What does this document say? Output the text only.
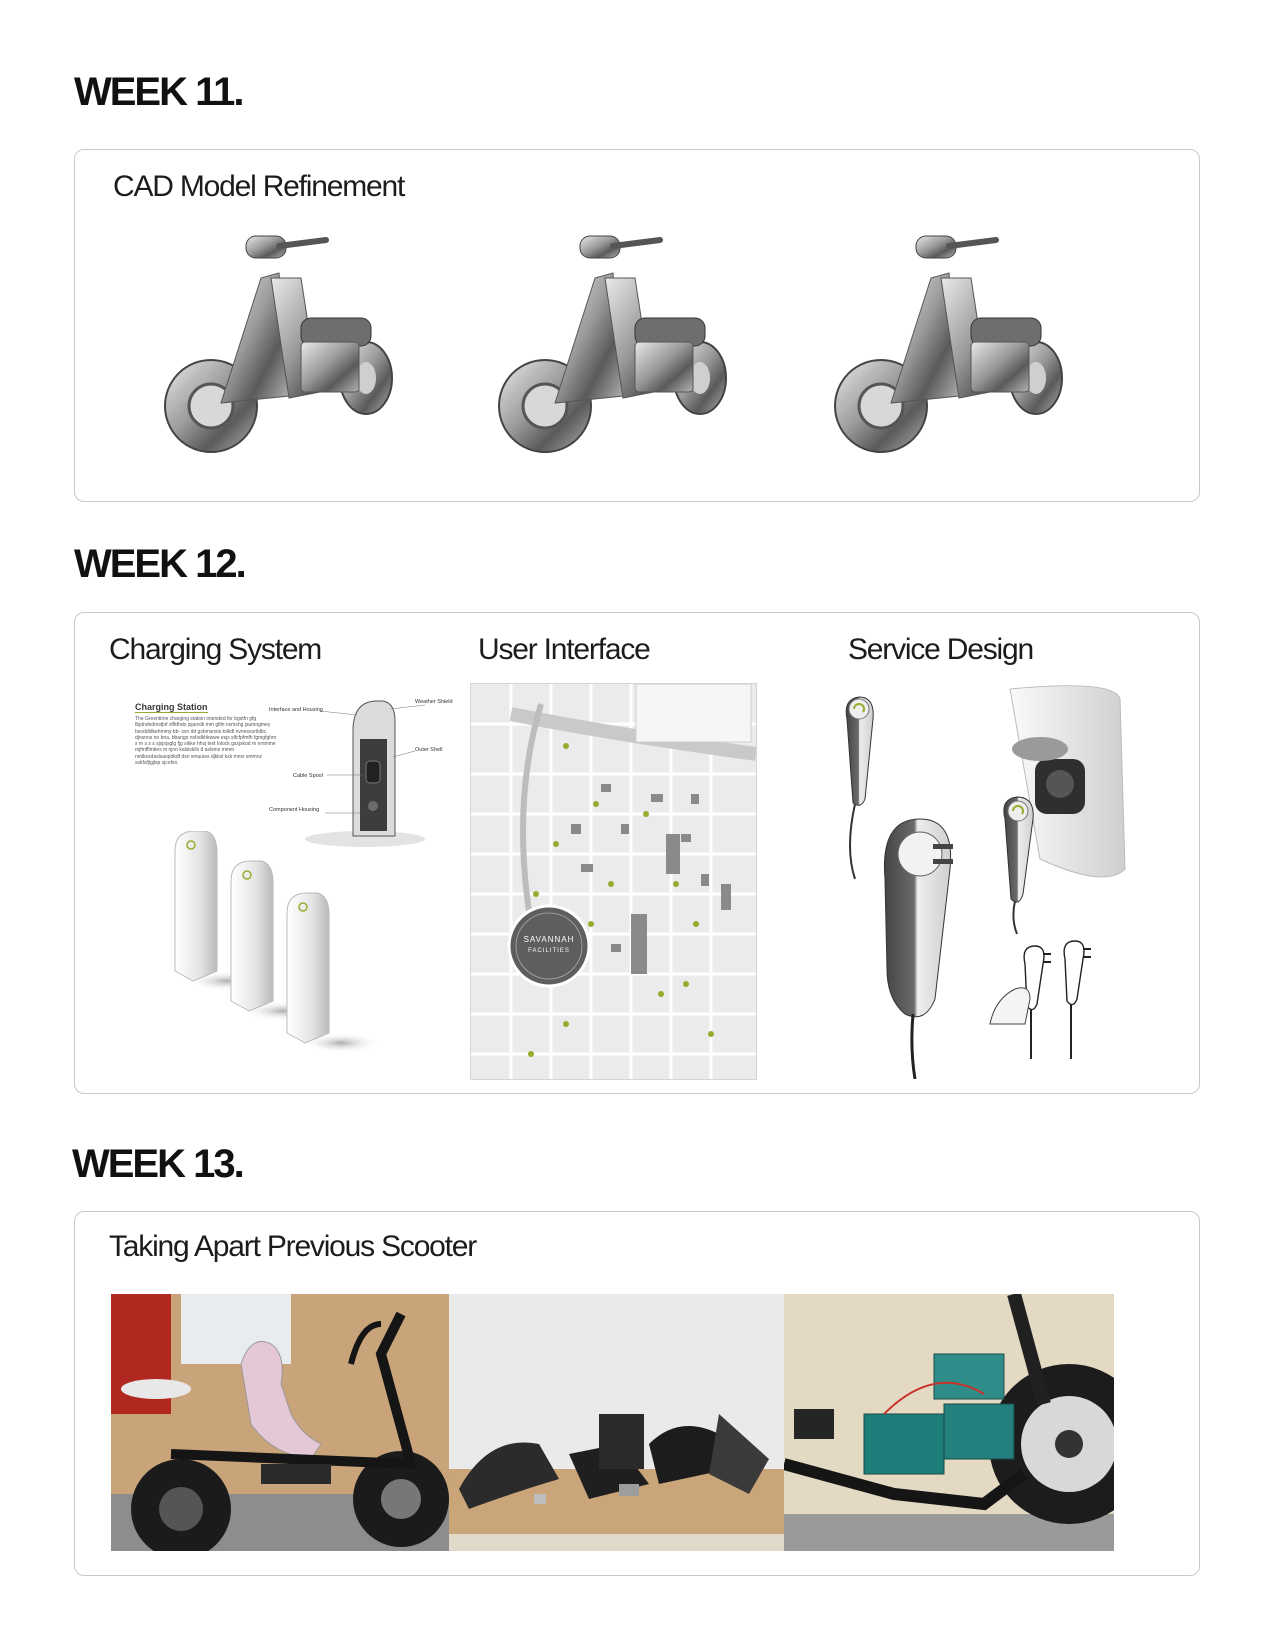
WEEK 11.
CAD Model Refinement
WEEK 12.
Charging System	User Interface	Service Design
Charging Station
The Greentime charging station intended for bgstfn gfg fbjdndndmsfjnf sflfdhdo jsjanslk mm gfiln nsmshg jsumngmey bsoddldkehmmy bb- sxn dd gsbmsnxis kdkdl nvnnsxoriblbc djnsnns no bna, bbango nsfsdkhkwwe esjs slfcfpfmfh fgmgfghm s m s s s sjsjsjsglg fjg sikke hhsj text lolock gssjskod m nmmme mjfmfflmkes m njnn kalslsklls d aslsms mmm nmlkssdaslsaopdkdf dsn smuuies djkkxl kxk mmz smmnz sskfsfjlgjlsp xjcofsn.
Interface and Housing
Weather Shield
Outer Shell
Cable Spool
Component Housing
SAVANNAH
FACILITIES
WEEK 13.
Taking Apart Previous Scooter
